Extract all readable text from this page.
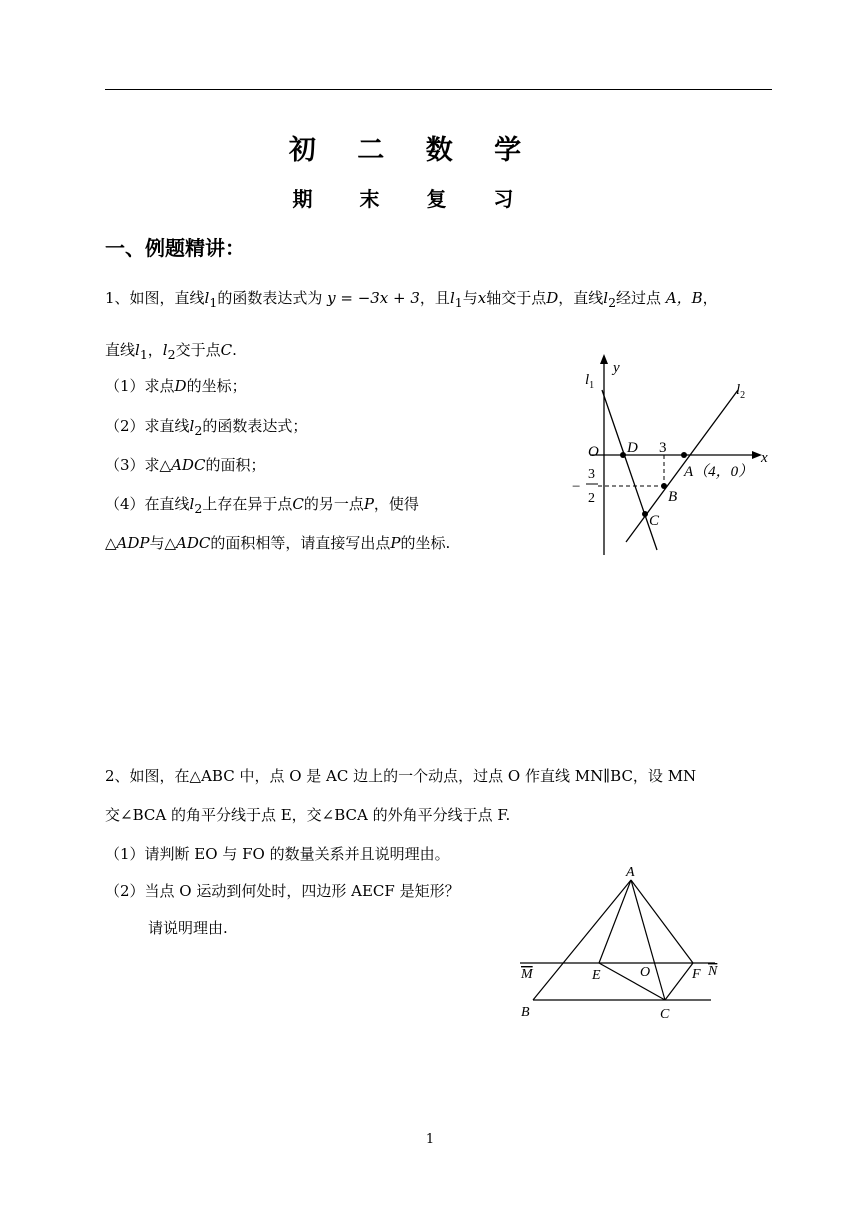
初 二 数 学
期 末 复 习
一、例题精讲：
1、如图，直线$l_1$的函数表达式为 y = −3x + 3，且$l_1$与x轴交于点D，直线$l_2$经过点 A，B，
直线$l_1$，$l_2$交于点C.
（1）求点D的坐标；
（2）求直线$l_2$的函数表达式；
（3）求△ADC的面积；
（4）在直线$l_2$上存在异于点C的另一点P，使得
△ADP与△ADC的面积相等，请直接写出点P的坐标.
y
x
$l_1$	$l_2$
O D 3
A（4，0）
B
C
−
3
2
2、如图，在△ABC 中，点 O 是 AC 边上的一个动点，过点 O 作直线 MN∥BC，设 MN
交∠BCA 的角平分线于点 E，交∠BCA 的外角平分线于点 F.
（1）请判断 EO 与 FO 的数量关系并且说明理由。
（2）当点 O 运动到何处时，四边形 AECF 是矩形？
请说明理由.
A
M	E	O	F N
B	C
1
